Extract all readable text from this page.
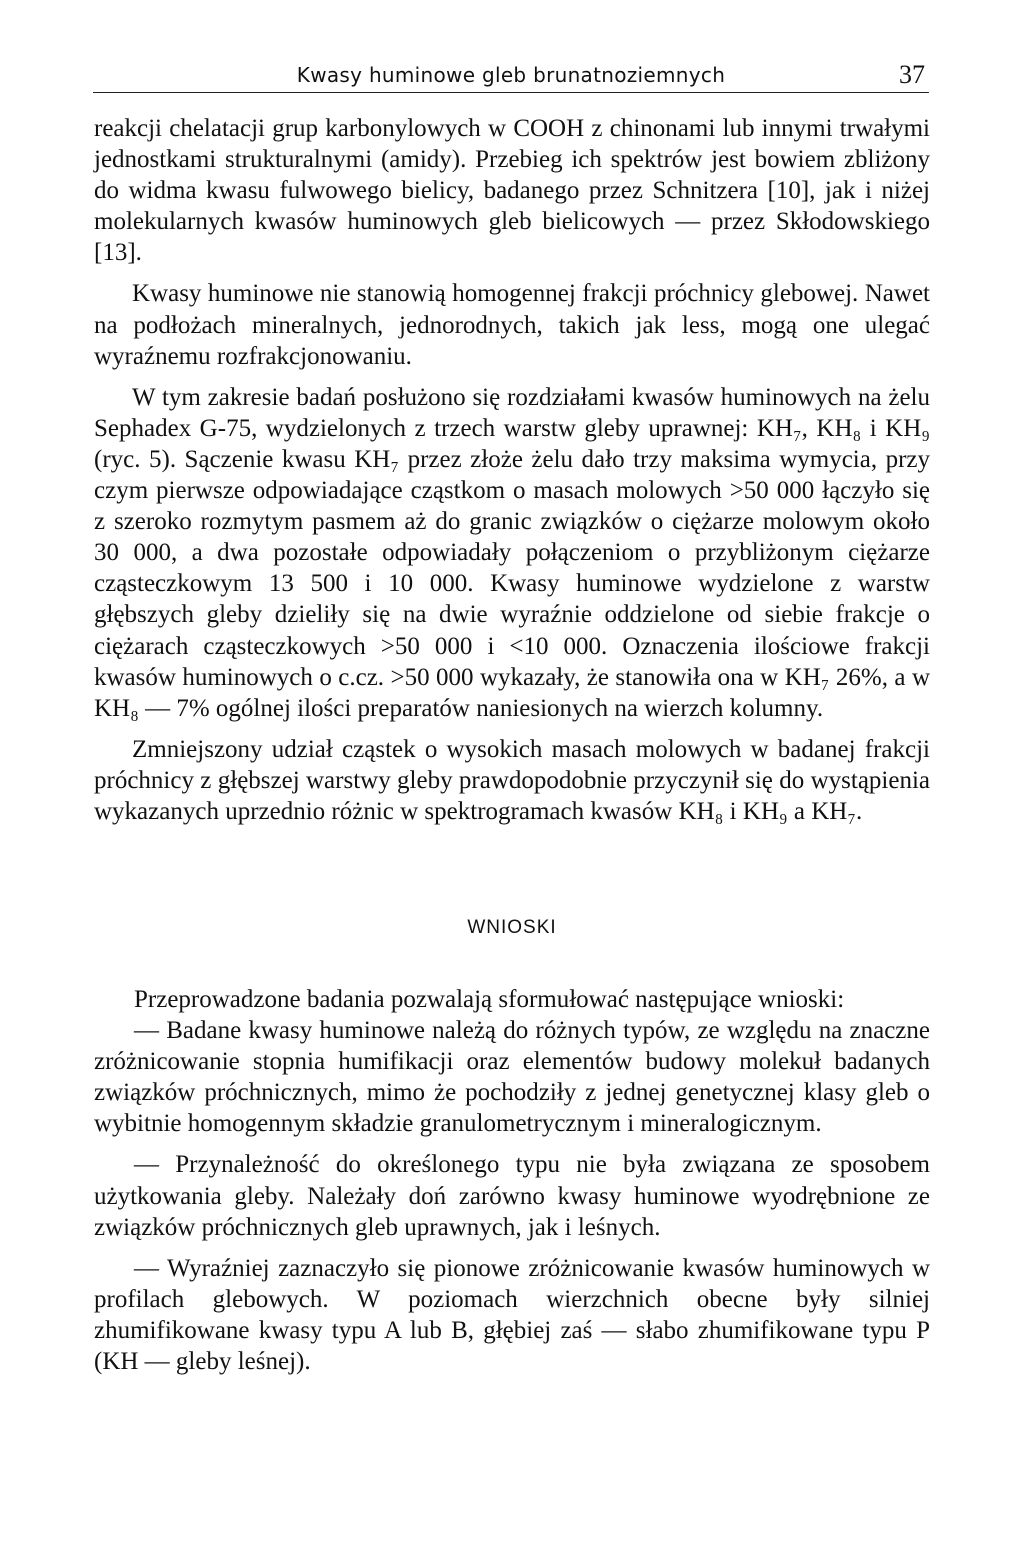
Kwasy huminowe gleb brunatnoziemnych	37

reakcji chelatacji grup karbonylowych w COOH z chinonami lub innymi trwałymi jednostkami strukturalnymi (amidy). Przebieg ich spektrów jest bowiem zbliżony do widma kwasu fulwowego bielicy, badanego przez Schnitzera [10], jak i niżej molekularnych kwasów huminowych gleb bielicowych — przez Skłodowskiego [13].

Kwasy huminowe nie stanowią homogennej frakcji próchnicy glebowej. Nawet na podłożach mineralnych, jednorodnych, takich jak less, mogą one ulegać wyraźnemu rozfrakcjonowaniu.

W tym zakresie badań posłużono się rozdziałami kwasów huminowych na żelu Sephadex G-75, wydzielonych z trzech warstw gleby uprawnej: KH₇, KH₈ i KH₉ (ryc. 5). Sączenie kwasu KH₇ przez złoże żelu dało trzy maksima wymycia, przy czym pierwsze odpowiadające cząstkom o masach molowych >50 000 łączyło się z szeroko rozmytym pasmem aż do granic związków o ciężarze molowym około 30 000, a dwa pozostałe odpowiadały połączeniom o przybliżonym ciężarze cząsteczkowym 13 500 i 10 000. Kwasy huminowe wydzielone z warstw głębszych gleby dzieliły się na dwie wyraźnie oddzielone od siebie frakcje o ciężarach cząsteczkowych >50 000 i <10 000. Oznaczenia ilościowe frakcji kwasów huminowych o c.cz. >50 000 wykazały, że stanowiła ona w KH₇ 26%, a w KH₈ — 7% ogólnej ilości preparatów naniesionych na wierzch kolumny.

Zmniejszony udział cząstek o wysokich masach molowych w badanej frakcji próchnicy z głębszej warstwy gleby prawdopodobnie przyczynił się do wystąpienia wykazanych uprzednio różnic w spektrogramach kwasów KH₈ i KH₉ a KH₇.

WNIOSKI

Przeprowadzone badania pozwalają sformułować następujące wnioski:

— Badane kwasy huminowe należą do różnych typów, ze względu na znaczne zróżnicowanie stopnia humifikacji oraz elementów budowy molekuł badanych związków próchnicznych, mimo że pochodziły z jednej genetycznej klasy gleb o wybitnie homogennym składzie granulometrycznym i mineralogicznym.

— Przynależność do określonego typu nie była związana ze sposobem użytkowania gleby. Należały doń zarówno kwasy huminowe wyodrębnione ze związków próchnicznych gleb uprawnych, jak i leśnych.

— Wyraźniej zaznaczyło się pionowe zróżnicowanie kwasów huminowych w profilach glebowych. W poziomach wierzchnich obecne były silniej zhumifikowane kwasy typu A lub B, głębiej zaś — słabo zhumifikowane typu P (KH — gleby leśnej).
